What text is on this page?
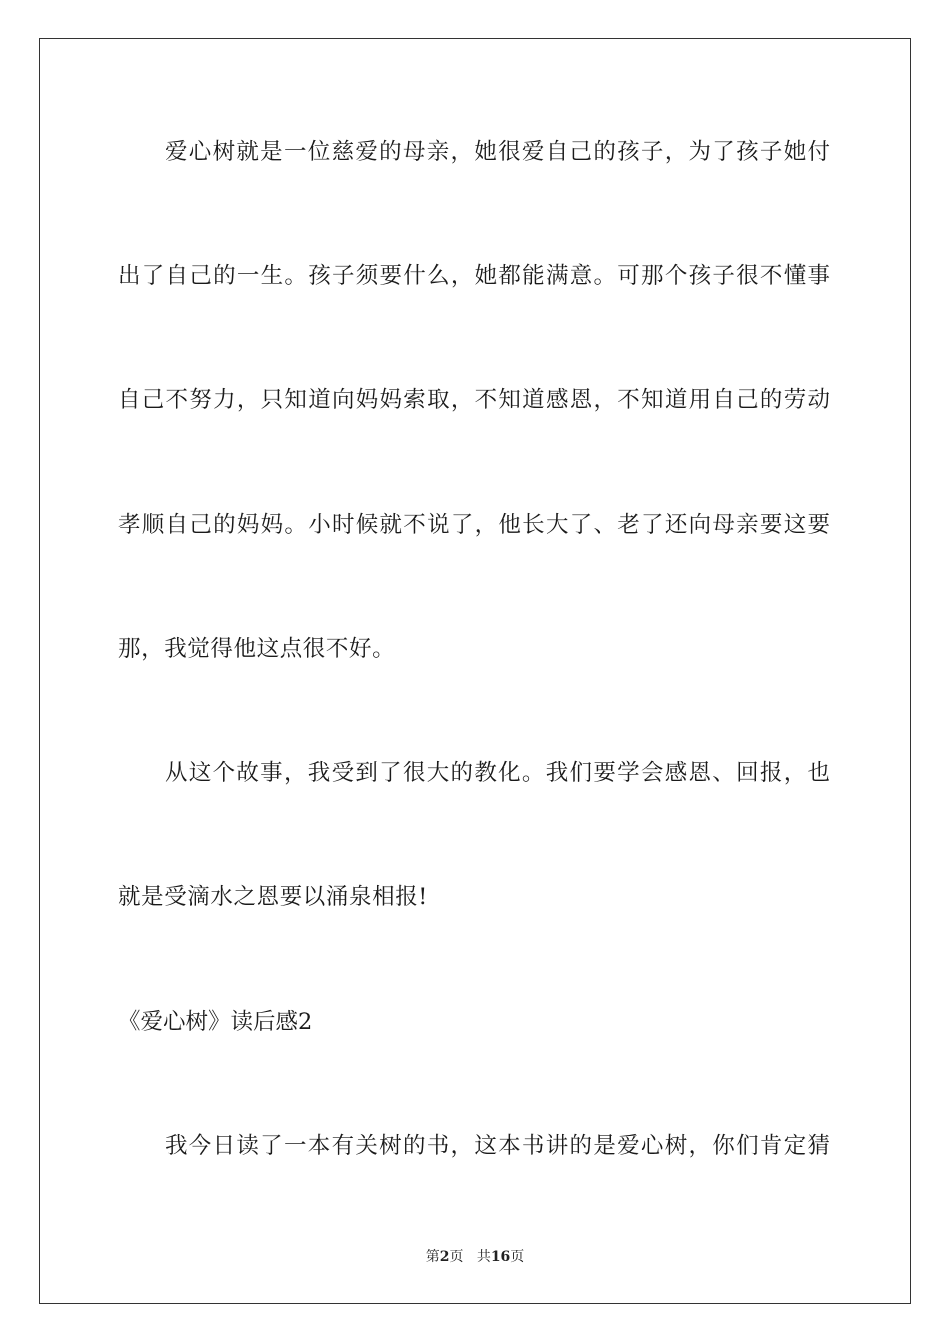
爱心树就是一位慈爱的母亲，她很爱自己的孩子，为了孩子她付
出了自己的一生。孩子须要什么，她都能满意。可那个孩子很不懂事
自己不努力，只知道向妈妈索取，不知道感恩，不知道用自己的劳动
孝顺自己的妈妈。小时候就不说了，他长大了、老了还向母亲要这要
那，我觉得他这点很不好。
从这个故事，我受到了很大的教化。我们要学会感恩、回报，也
就是受滴水之恩要以涌泉相报!
《爱心树》读后感2
我今日读了一本有关树的书，这本书讲的是爱心树，你们肯定猜
第2页 共16页
